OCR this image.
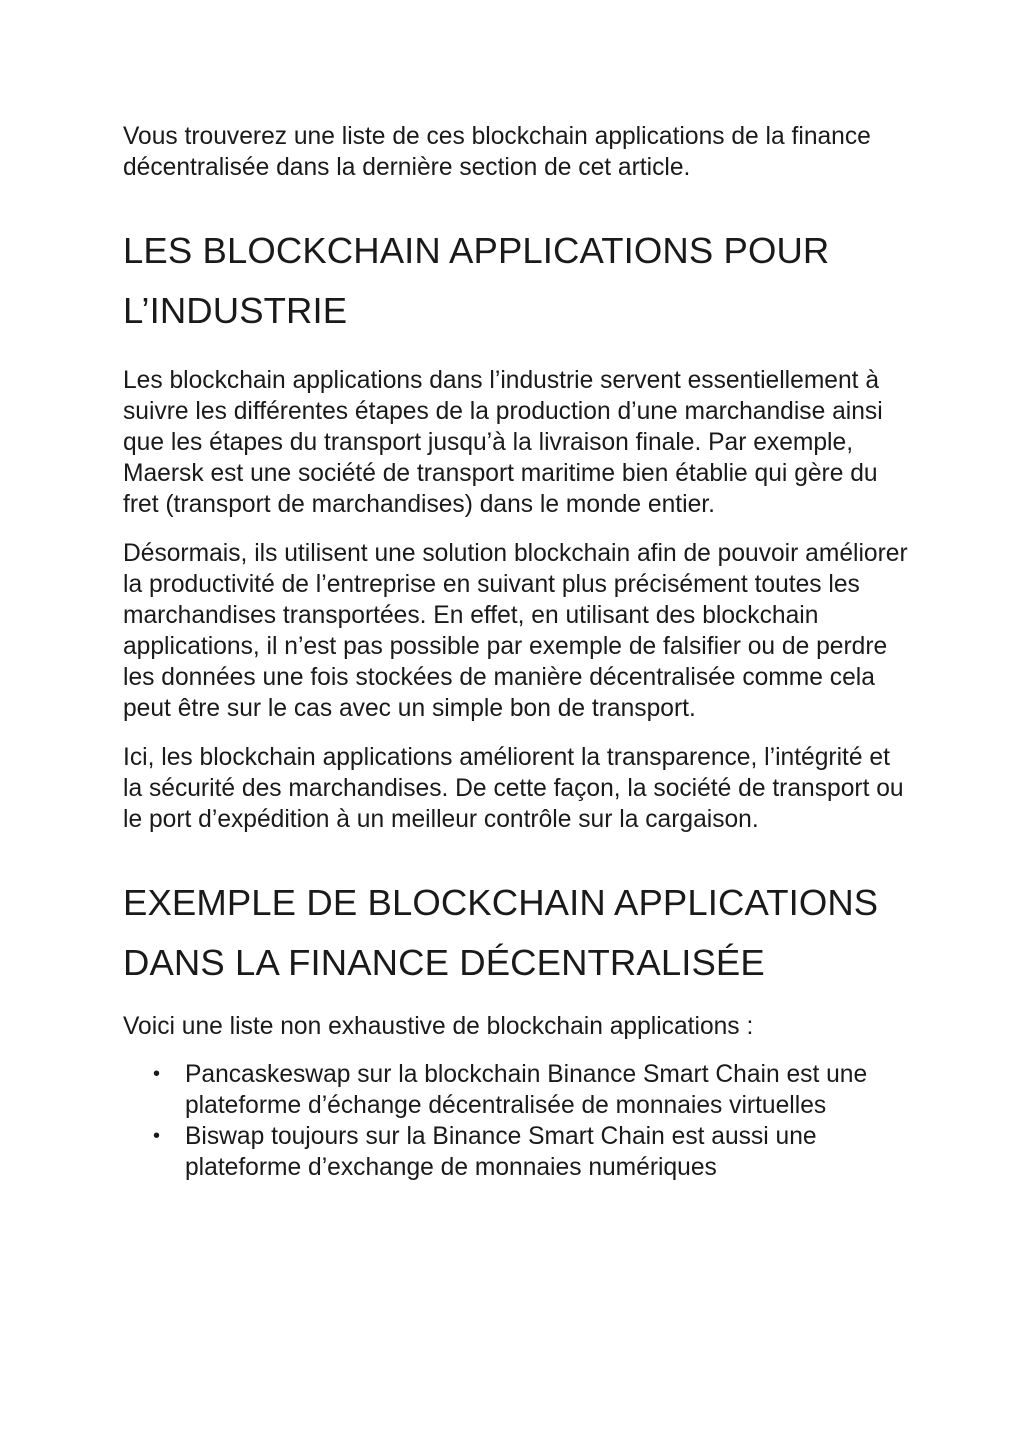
Vous trouverez une liste de ces blockchain applications de la finance décentralisée dans la dernière section de cet article.

LES BLOCKCHAIN APPLICATIONS POUR L’INDUSTRIE

Les blockchain applications dans l’industrie servent essentiellement à suivre les différentes étapes de la production d’une marchandise ainsi que les étapes du transport jusqu’à la livraison finale. Par exemple, Maersk est une société de transport maritime bien établie qui gère du fret (transport de marchandises) dans le monde entier.

Désormais, ils utilisent une solution blockchain afin de pouvoir améliorer la productivité de l’entreprise en suivant plus précisément toutes les marchandises transportées. En effet, en utilisant des blockchain applications, il n’est pas possible par exemple de falsifier ou de perdre les données une fois stockées de manière décentralisée comme cela peut être sur le cas avec un simple bon de transport.

Ici, les blockchain applications améliorent la transparence, l’intégrité et la sécurité des marchandises. De cette façon, la société de transport ou le port d’expédition à un meilleur contrôle sur la cargaison.

EXEMPLE DE BLOCKCHAIN APPLICATIONS DANS LA FINANCE DÉCENTRALISÉE

Voici une liste non exhaustive de blockchain applications :

• Pancaskeswap sur la blockchain Binance Smart Chain est une plateforme d’échange décentralisée de monnaies virtuelles
• Biswap toujours sur la Binance Smart Chain est aussi une plateforme d’exchange de monnaies numériques
